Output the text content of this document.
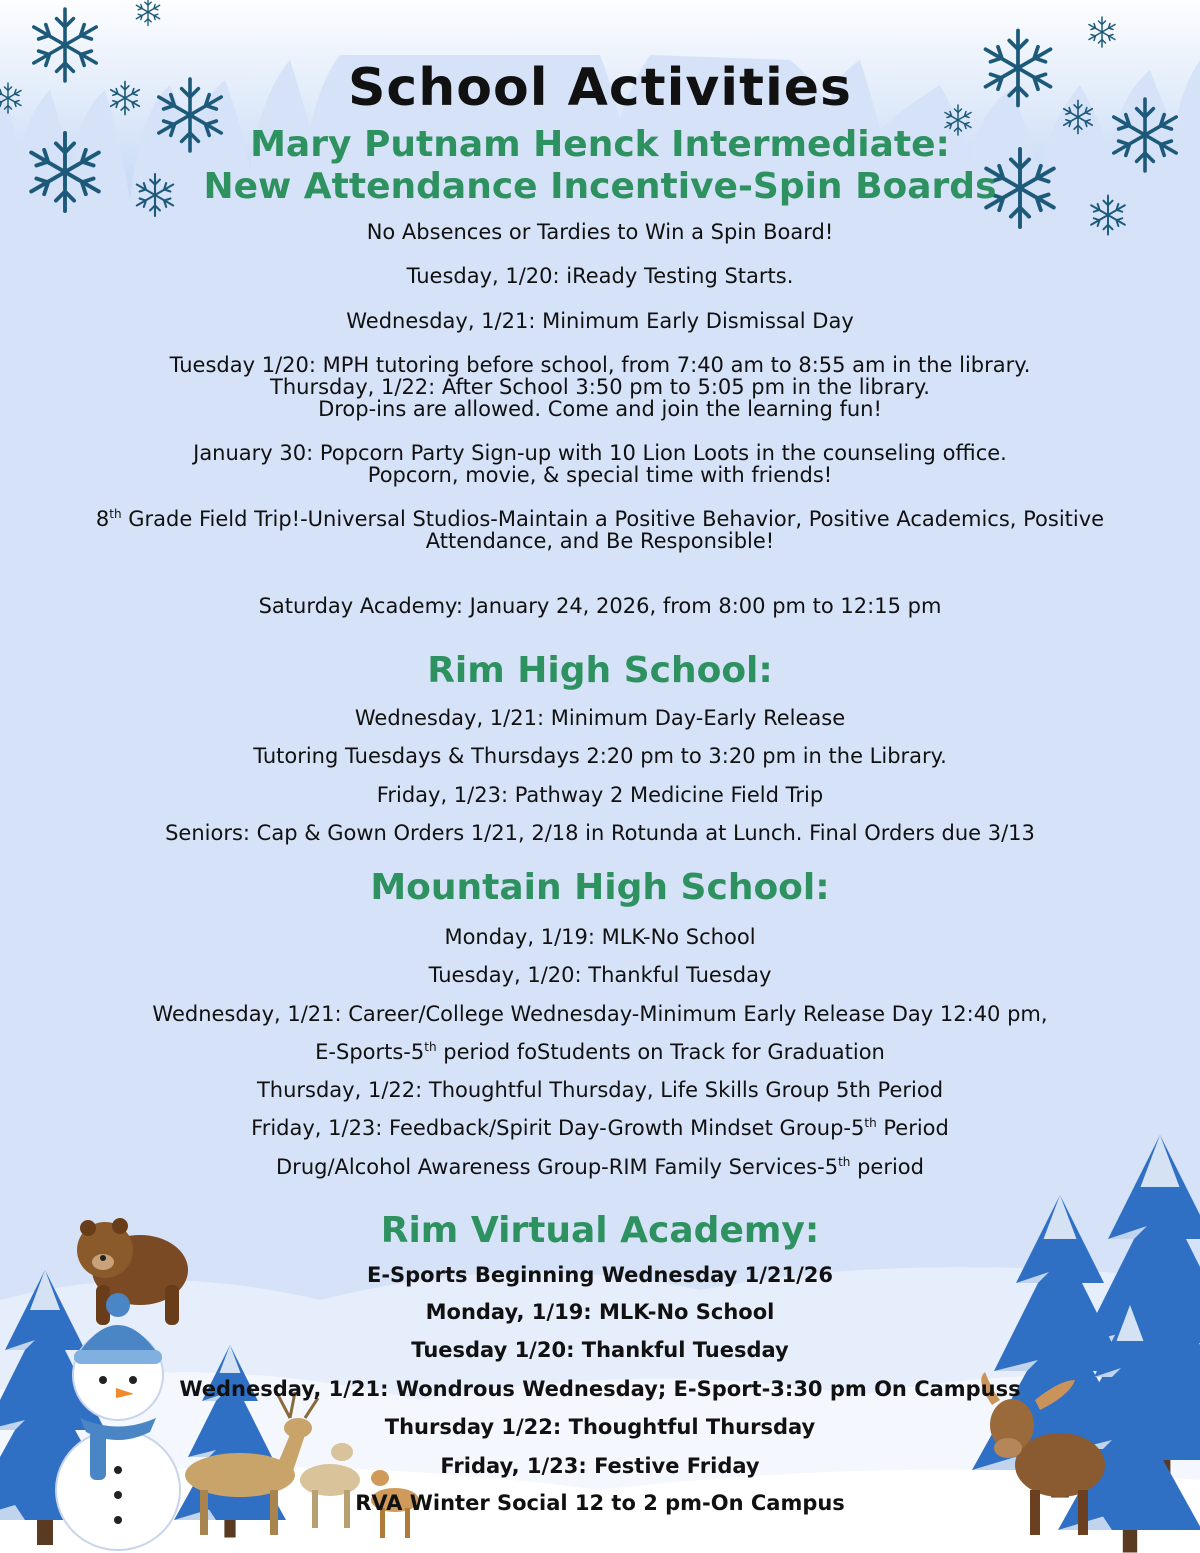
School Activities
Mary Putnam Henck Intermediate:
New Attendance Incentive-Spin Boards
No Absences or Tardies to Win a Spin Board!
Tuesday, 1/20: iReady Testing Starts.
Wednesday, 1/21: Minimum Early Dismissal Day
Tuesday 1/20: MPH tutoring before school, from 7:40 am to 8:55 am in the library.
Thursday, 1/22: After School 3:50 pm to 5:05 pm in the library.
Drop-ins are allowed. Come and join the learning fun!
January 30: Popcorn Party Sign-up with 10 Lion Loots in the counseling office.
Popcorn, movie, & special time with friends!
8th Grade Field Trip!-Universal Studios-Maintain a Positive Behavior, Positive Academics, Positive
Attendance, and Be Responsible!
Saturday Academy: January 24, 2026, from 8:00 pm to 12:15 pm
Rim High School:
Wednesday, 1/21: Minimum Day-Early Release
Tutoring Tuesdays & Thursdays 2:20 pm to 3:20 pm in the Library.
Friday, 1/23: Pathway 2 Medicine Field Trip
Seniors: Cap & Gown Orders 1/21, 2/18 in Rotunda at Lunch. Final Orders due 3/13
Mountain High School:
Monday, 1/19: MLK-No School
Tuesday, 1/20: Thankful Tuesday
Wednesday, 1/21: Career/College Wednesday-Minimum Early Release Day 12:40 pm,
E-Sports-5th period foStudents on Track for Graduation
Thursday, 1/22: Thoughtful Thursday, Life Skills Group 5th Period
Friday, 1/23: Feedback/Spirit Day-Growth Mindset Group-5th Period
Drug/Alcohol Awareness Group-RIM Family Services-5th period
Rim Virtual Academy:
E-Sports Beginning Wednesday 1/21/26
Monday, 1/19: MLK-No School
Tuesday 1/20: Thankful Tuesday
Wednesday, 1/21: Wondrous Wednesday; E-Sport-3:30 pm On Campuss
Thursday 1/22: Thoughtful Thursday
Friday, 1/23: Festive Friday
RVA Winter Social 12 to 2 pm-On Campus
